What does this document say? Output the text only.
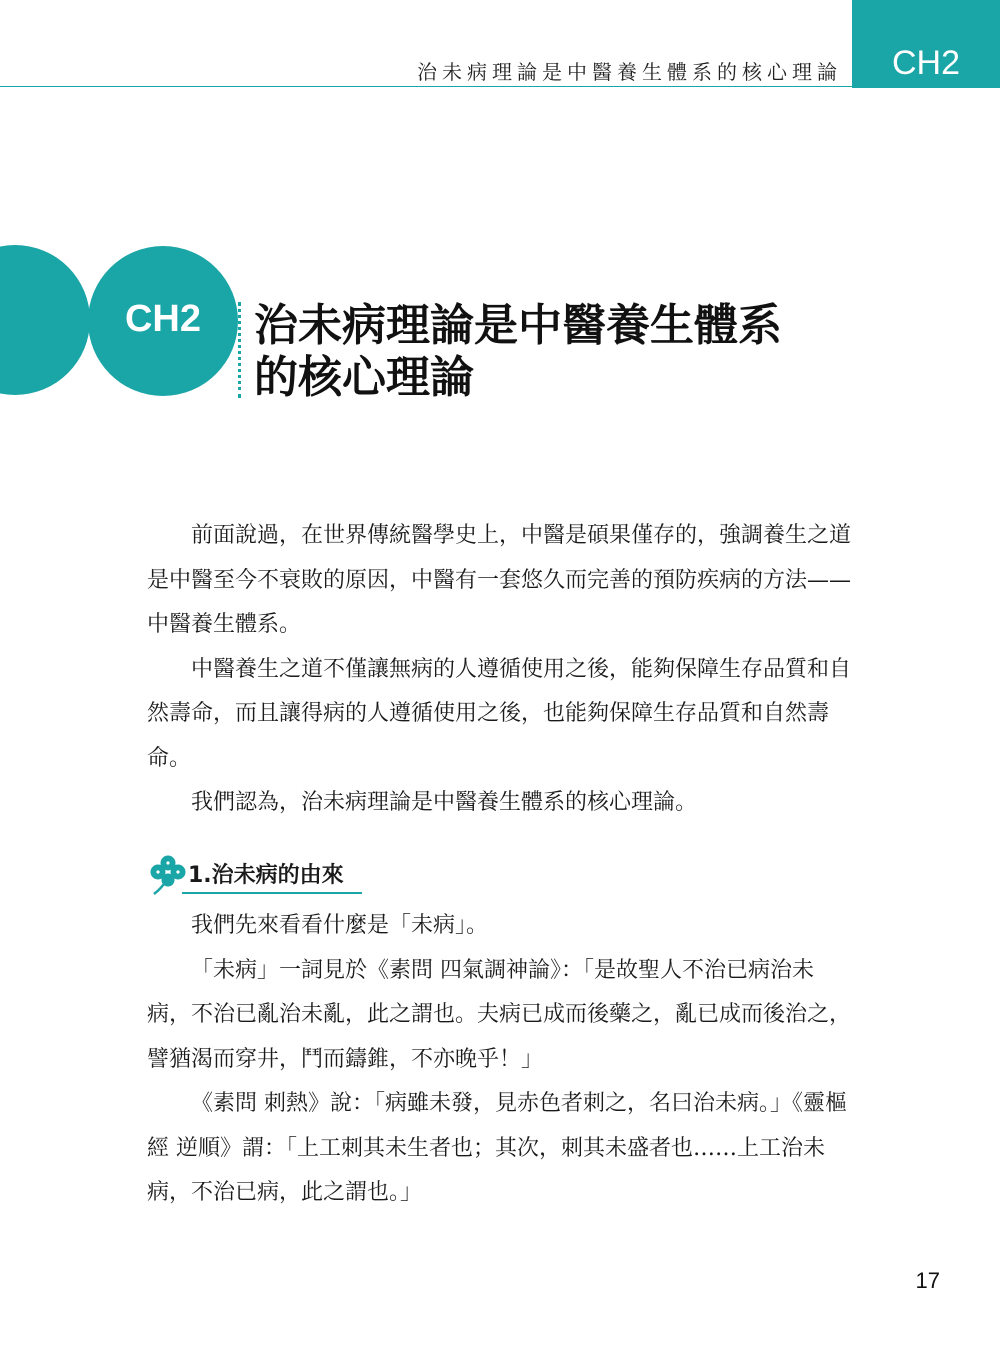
治未病理論是中醫養生體系的核心理論	CH2
CH2	治未病理論是中醫養生體系
的核心理論

前面說過，在世界傳統醫學史上，中醫是碩果僅存的，強調養生之道是中醫至今不衰敗的原因，中醫有一套悠久而完善的預防疾病的方法——中醫養生體系。

中醫養生之道不僅讓無病的人遵循使用之後，能夠保障生存品質和自然壽命，而且讓得病的人遵循使用之後，也能夠保障生存品質和自然壽命。

我們認為，治未病理論是中醫養生體系的核心理論。

1.治未病的由來

我們先來看看什麼是「未病」。

「未病」一詞見於《素問 四氣調神論》：「是故聖人不治已病治未病，不治已亂治未亂，此之謂也。夫病已成而後藥之，亂已成而後治之，譬猶渴而穿井，鬥而鑄錐，不亦晚乎！」

《素問 刺熱》說：「病雖未發，見赤色者刺之，名曰治未病。」《靈樞經 逆順》謂：「上工刺其未生者也；其次，刺其未盛者也……上工治未病，不治已病，此之謂也。」

17
